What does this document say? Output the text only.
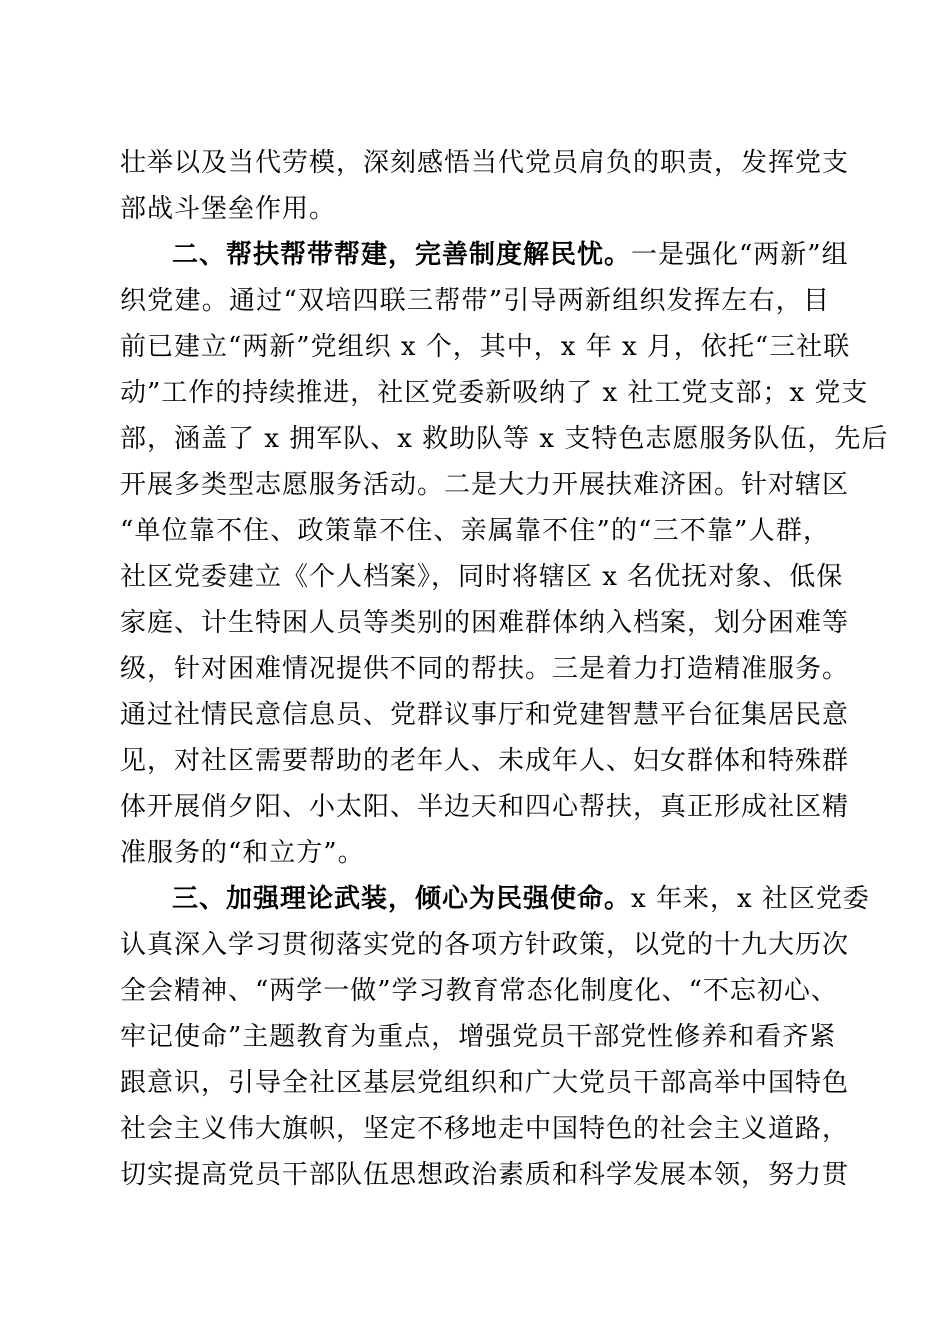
壮举以及当代劳模，深刻感悟当代党员肩负的职责，发挥党支
部战斗堡垒作用。
二、帮扶帮带帮建，完善制度解民忧。一是强化“两新”组
织党建。通过“双培四联三帮带”引导两新组织发挥左右，目
前已建立“两新”党组织 x 个，其中，x 年 x 月，依托“三社联
动”工作的持续推进，社区党委新吸纳了 x 社工党支部；x 党支
部，涵盖了 x 拥军队、x 救助队等 x 支特色志愿服务队伍，先后
开展多类型志愿服务活动。二是大力开展扶难济困。针对辖区
“单位靠不住、政策靠不住、亲属靠不住”的“三不靠”人群，
社区党委建立《个人档案》，同时将辖区 x 名优抚对象、低保
家庭、计生特困人员等类别的困难群体纳入档案，划分困难等
级，针对困难情况提供不同的帮扶。三是着力打造精准服务。
通过社情民意信息员、党群议事厅和党建智慧平台征集居民意
见，对社区需要帮助的老年人、未成年人、妇女群体和特殊群
体开展俏夕阳、小太阳、半边天和四心帮扶，真正形成社区精
准服务的“和立方”。
三、加强理论武装，倾心为民强使命。x 年来，x 社区党委
认真深入学习贯彻落实党的各项方针政策，以党的十九大历次
全会精神、“两学一做”学习教育常态化制度化、“不忘初心、
牢记使命”主题教育为重点，增强党员干部党性修养和看齐紧
跟意识，引导全社区基层党组织和广大党员干部高举中国特色
社会主义伟大旗帜，坚定不移地走中国特色的社会主义道路，
切实提高党员干部队伍思想政治素质和科学发展本领，努力贯
